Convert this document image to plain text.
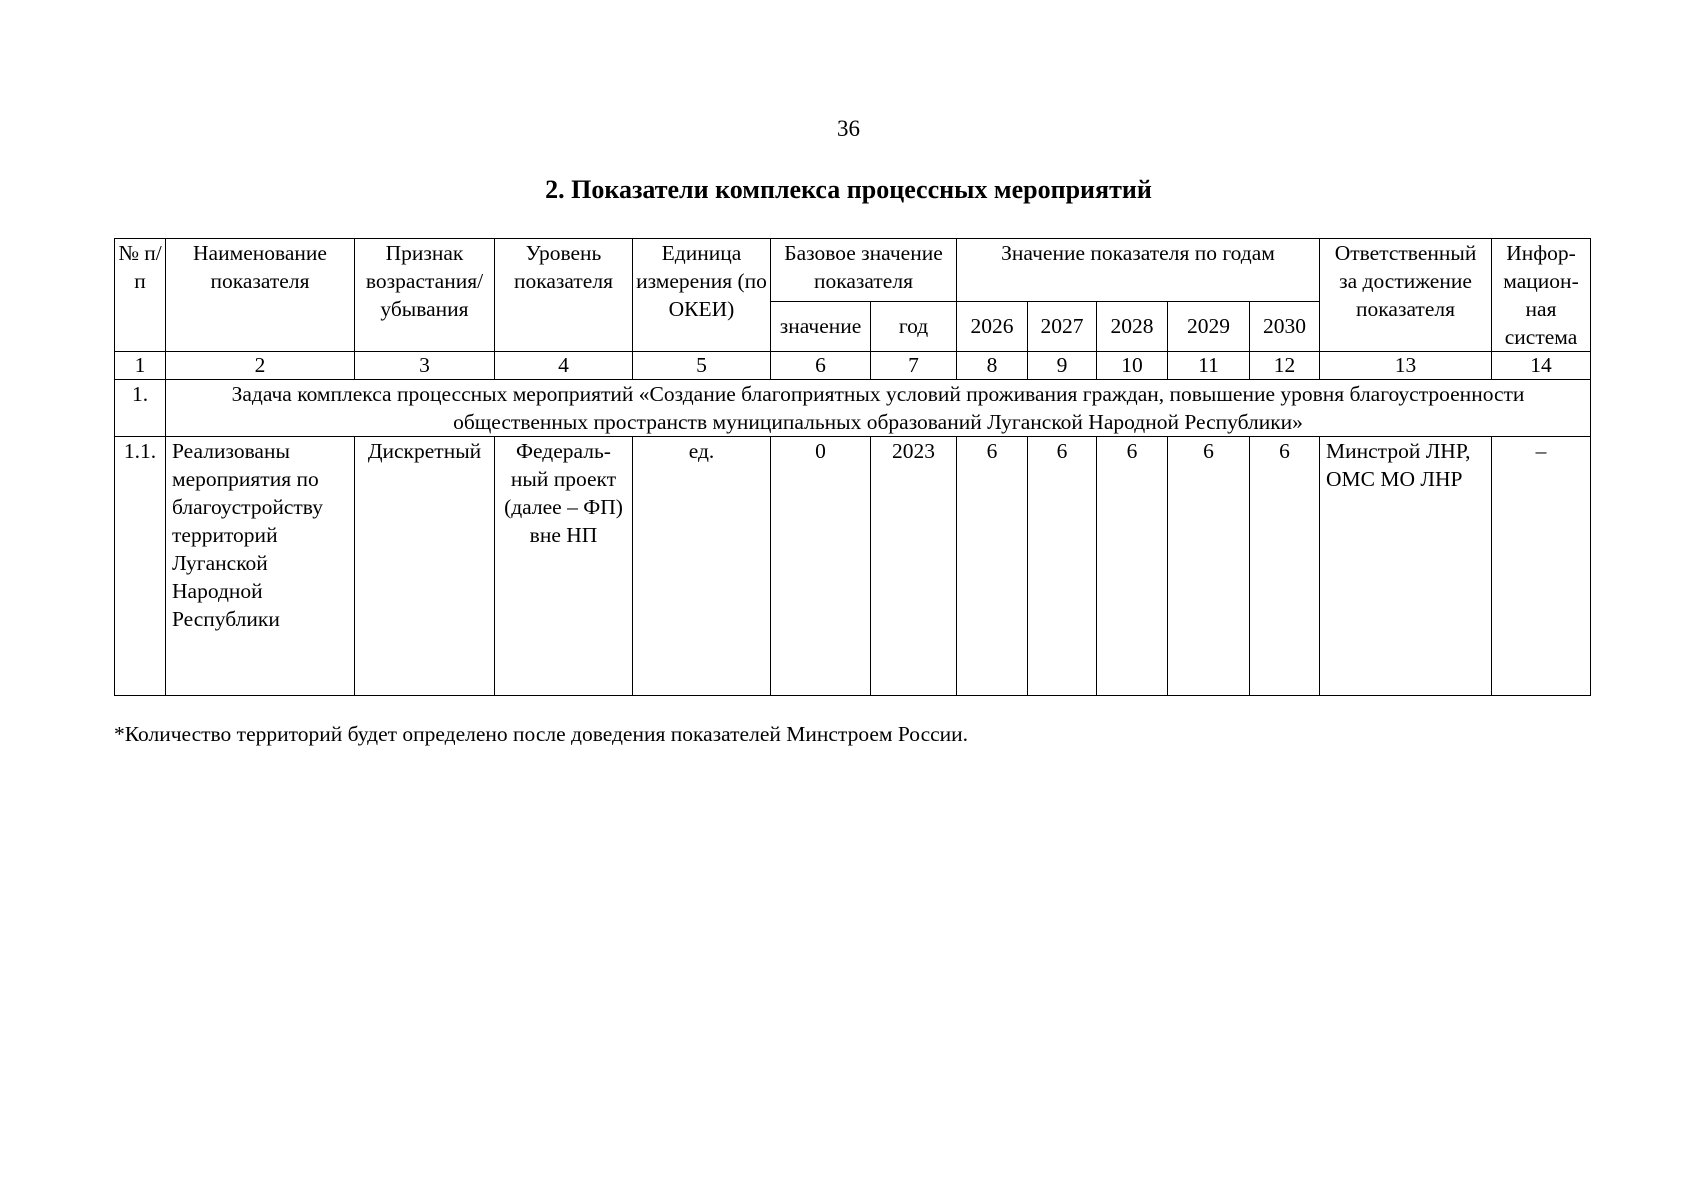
36
2. Показатели комплекса процессных мероприятий
№ п/п	Наименование показателя	Признак возрастания/ убывания	Уровень показателя	Единица измерения (по ОКЕИ)	Базовое значение показателя		Значение показателя по годам					Ответственный за достижение показателя	Инфор-мацион-ная система
					значение	год	2026	2027	2028	2029	2030		
1	2	3	4	5	6	7	8	9	10	11	12	13	14
1.	Задача комплекса процессных мероприятий «Создание благоприятных условий проживания граждан, повышение уровня благоустроенности общественных пространств муниципальных образований Луганской Народной Республики»												
1.1.	Реализованы мероприятия по благоустройству территорий Луганской Народной Республики	Дискретный	Федераль-ный проект (далее – ФП) вне НП	ед.	0	2023	6	6	6	6	6	Минстрой ЛНР, ОМС МО ЛНР	–
*Количество территорий будет определено после доведения показателей Минстроем России.
